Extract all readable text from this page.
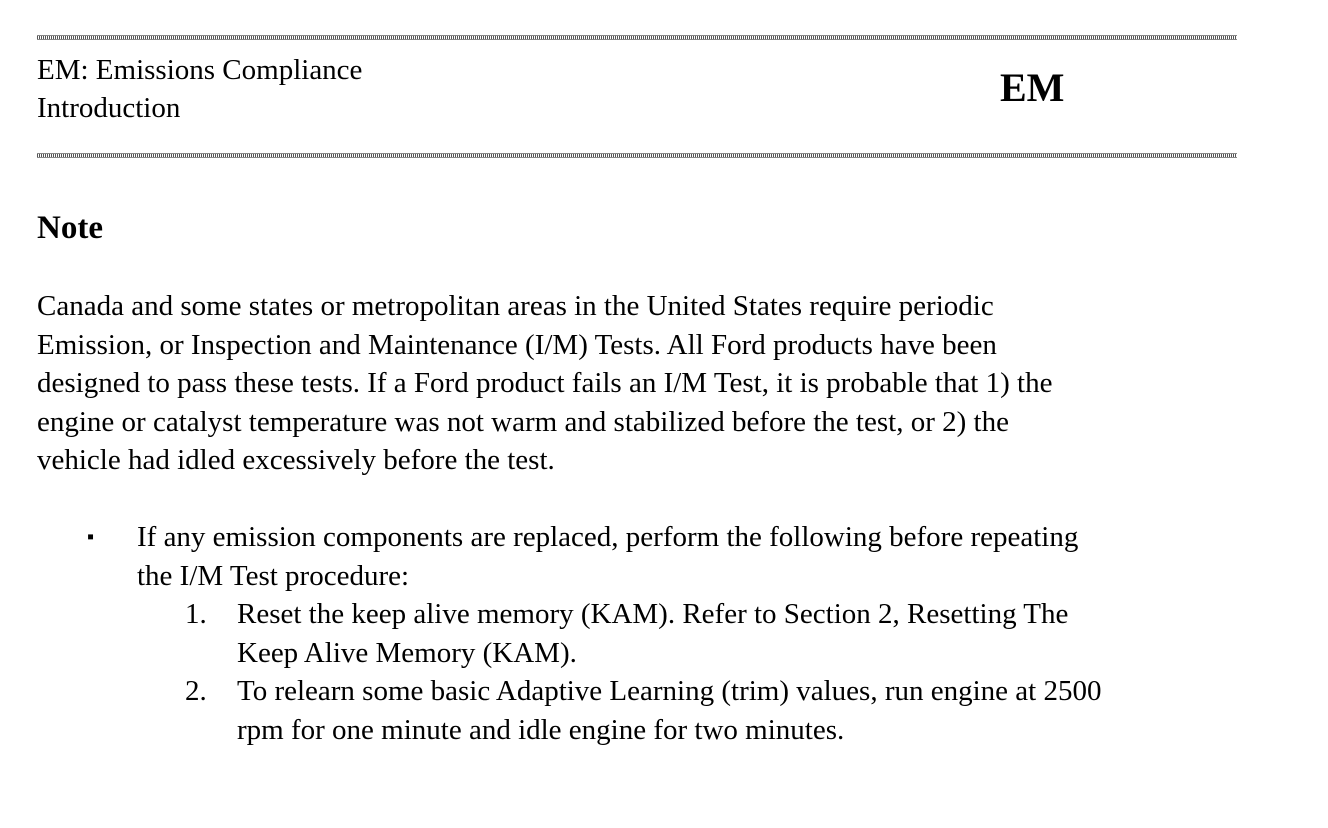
EM: Emissions Compliance
Introduction	EM
Note
Canada and some states or metropolitan areas in the United States require periodic
Emission, or Inspection and Maintenance (I/M) Tests. All Ford products have been
designed to pass these tests. If a Ford product fails an I/M Test, it is probable that 1) the
engine or catalyst temperature was not warm and stabilized before the test, or 2) the
vehicle had idled excessively before the test.
▪ If any emission components are replaced, perform the following before repeating
the I/M Test procedure:
1. Reset the keep alive memory (KAM). Refer to Section 2, Resetting The
Keep Alive Memory (KAM).
2. To relearn some basic Adaptive Learning (trim) values, run engine at 2500
rpm for one minute and idle engine for two minutes.
